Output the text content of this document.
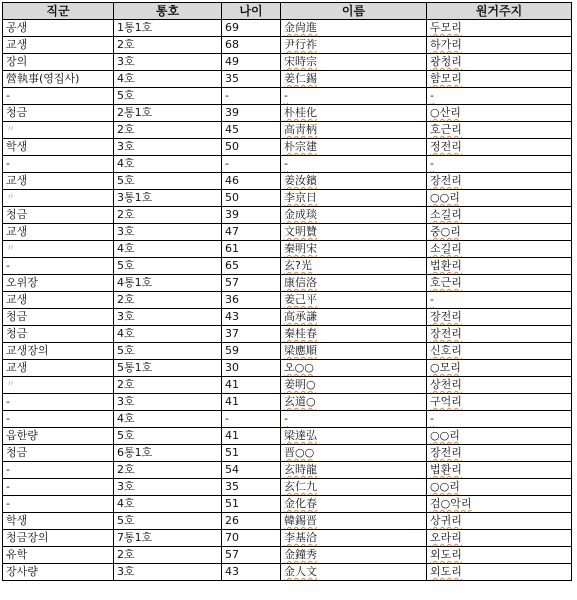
직군	통호	나이	이름	원거주지
공생	1통1호	69	金尙進	두모리
교생	2호	68	尹行祚	하가리
장의	3호	49	宋時宗	광청리
營執事(영집사)	4호	35	姜仁錫	함모리
-	5호	-	-	-
청금	2통1호	39	朴桂化	○산리
〃	2호	45	高靑柄	호근리
학생	3호	50	朴宗建	정전리
-	4호	-	-	-
교생	5호	46	姜汝鑌	장전리
〃	3통1호	50	李京日	○○리
청금	2호	39	金成琰	소길리
교생	3호	47	文明贊	중○리
〃	4호	61	秦明宋	소길리
-	5호	65	玄?光	법환리
오위장	4통1호	57	康信洛	호근리
교생	2호	36	姜己平	-
청금	3호	43	高承謙	장전리
청금	4호	37	秦桂春	장전리
교생장의	5호	59	梁應順	신호리
교생	5통1호	30	오○○	○모리
〃	2호	41	姜明○	상천리
-	3호	41	玄道○	구억리
-	4호	-	-	-
읍한량	5호	41	梁達弘	○○리
청금	6통1호	51	晋○○	장전리
-	2호	54	玄時龍	법환리
-	3호	35	玄仁九	○○리
-	4호	51	金化春	검○악리
학생	5호	26	韓錫晋	상귀리
청금장의	7통1호	70	李基洽	오라리
유학	2호	57	金鐘秀	외도리
장사량	3호	43	金人文	외도리
